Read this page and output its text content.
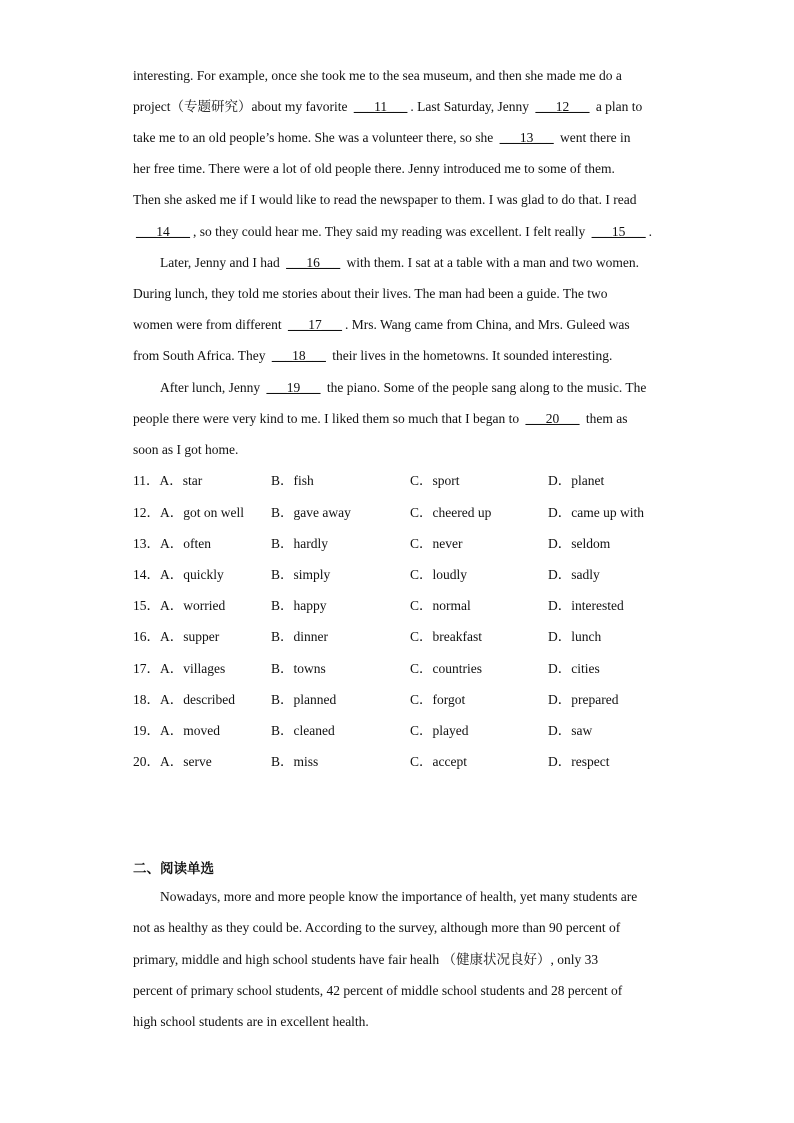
interesting. For example, once she took me to the sea museum, and then she made me do a
project（专题研究）about my favorite ___11___ . Last Saturday, Jenny ___12___ a plan to
take me to an old people’s home. She was a volunteer there, so she ___13___ went there in
her free time. There were a lot of old people there. Jenny introduced me to some of them.
Then she asked me if I would like to read the newspaper to them. I was glad to do that. I read
___14___ , so they could hear me. They said my reading was excellent. I felt really ___15___ .
Later, Jenny and I had ___16___ with them. I sat at a table with a man and two women.
During lunch, they told me stories about their lives. The man had been a guide. The two
women were from different ___17___ . Mrs. Wang came from China, and Mrs. Guleed was
from South Africa. They ___18___ their lives in the hometowns. It sounded interesting.
After lunch, Jenny ___19___ the piano. Some of the people sang along to the music. The
people there were very kind to me. I liked them so much that I began to ___20___ them as
soon as I got home.
11．A．star	B．fish	C．sport	D．planet
12．A．got on well B．gave away	C．cheered up	D．came up with
13．A．often	B．hardly	C．never	D．seldom
14．A．quickly	B．simply	C．loudly	D．sadly
15．A．worried	B．happy	C．normal	D．interested
16．A．supper	B．dinner	C．breakfast	D．lunch
17．A．villages	B．towns	C．countries	D．cities
18．A．described	B．planned	C．forgot	D．prepared
19．A．moved	B．cleaned	C．played	D．saw
20．A．serve	B．miss	C．accept	D．respect
二、阅读单选
Nowadays, more and more people know the importance of health, yet many students are
not as healthy as they could be. According to the survey, although more than 90 percent of
primary, middle and high school students have fair healh （健康状况良好）, only 33
percent of primary school students, 42 percent of middle school students and 28 percent of
high school students are in excellent health.
